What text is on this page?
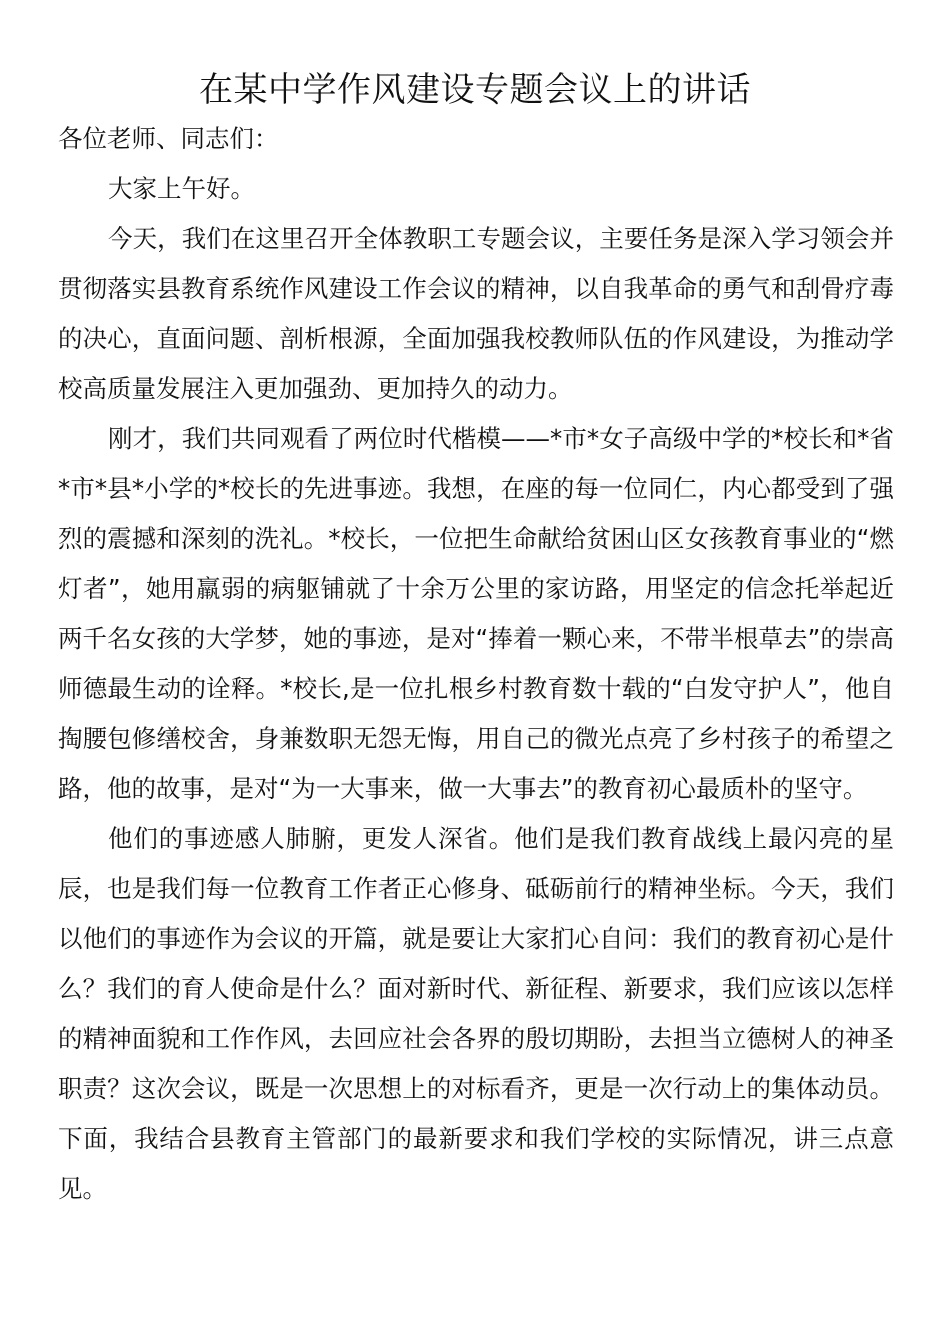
在某中学作风建设专题会议上的讲话

各位老师、同志们：

大家上午好。

今天，我们在这里召开全体教职工专题会议，主要任务是深入学习领会并贯彻落实县教育系统作风建设工作会议的精神，以自我革命的勇气和刮骨疗毒的决心，直面问题、剖析根源，全面加强我校教师队伍的作风建设，为推动学校高质量发展注入更加强劲、更加持久的动力。

刚才，我们共同观看了两位时代楷模——*市*女子高级中学的*校长和*省*市*县*小学的*校长的先进事迹。我想，在座的每一位同仁，内心都受到了强烈的震撼和深刻的洗礼。*校长，一位把生命献给贫困山区女孩教育事业的“燃灯者”，她用羸弱的病躯铺就了十余万公里的家访路，用坚定的信念托举起近两千名女孩的大学梦，她的事迹，是对“捧着一颗心来，不带半根草去”的崇高师德最生动的诠释。*校长,是一位扎根乡村教育数十载的“白发守护人”，他自掏腰包修缮校舍，身兼数职无怨无悔，用自己的微光点亮了乡村孩子的希望之路，他的故事，是对“为一大事来，做一大事去”的教育初心最质朴的坚守。

他们的事迹感人肺腑，更发人深省。他们是我们教育战线上最闪亮的星辰，也是我们每一位教育工作者正心修身、砥砺前行的精神坐标。今天，我们以他们的事迹作为会议的开篇，就是要让大家扪心自问：我们的教育初心是什么？我们的育人使命是什么？面对新时代、新征程、新要求，我们应该以怎样的精神面貌和工作作风，去回应社会各界的殷切期盼，去担当立德树人的神圣职责？这次会议，既是一次思想上的对标看齐，更是一次行动上的集体动员。下面，我结合县教育主管部门的最新要求和我们学校的实际情况，讲三点意见。
